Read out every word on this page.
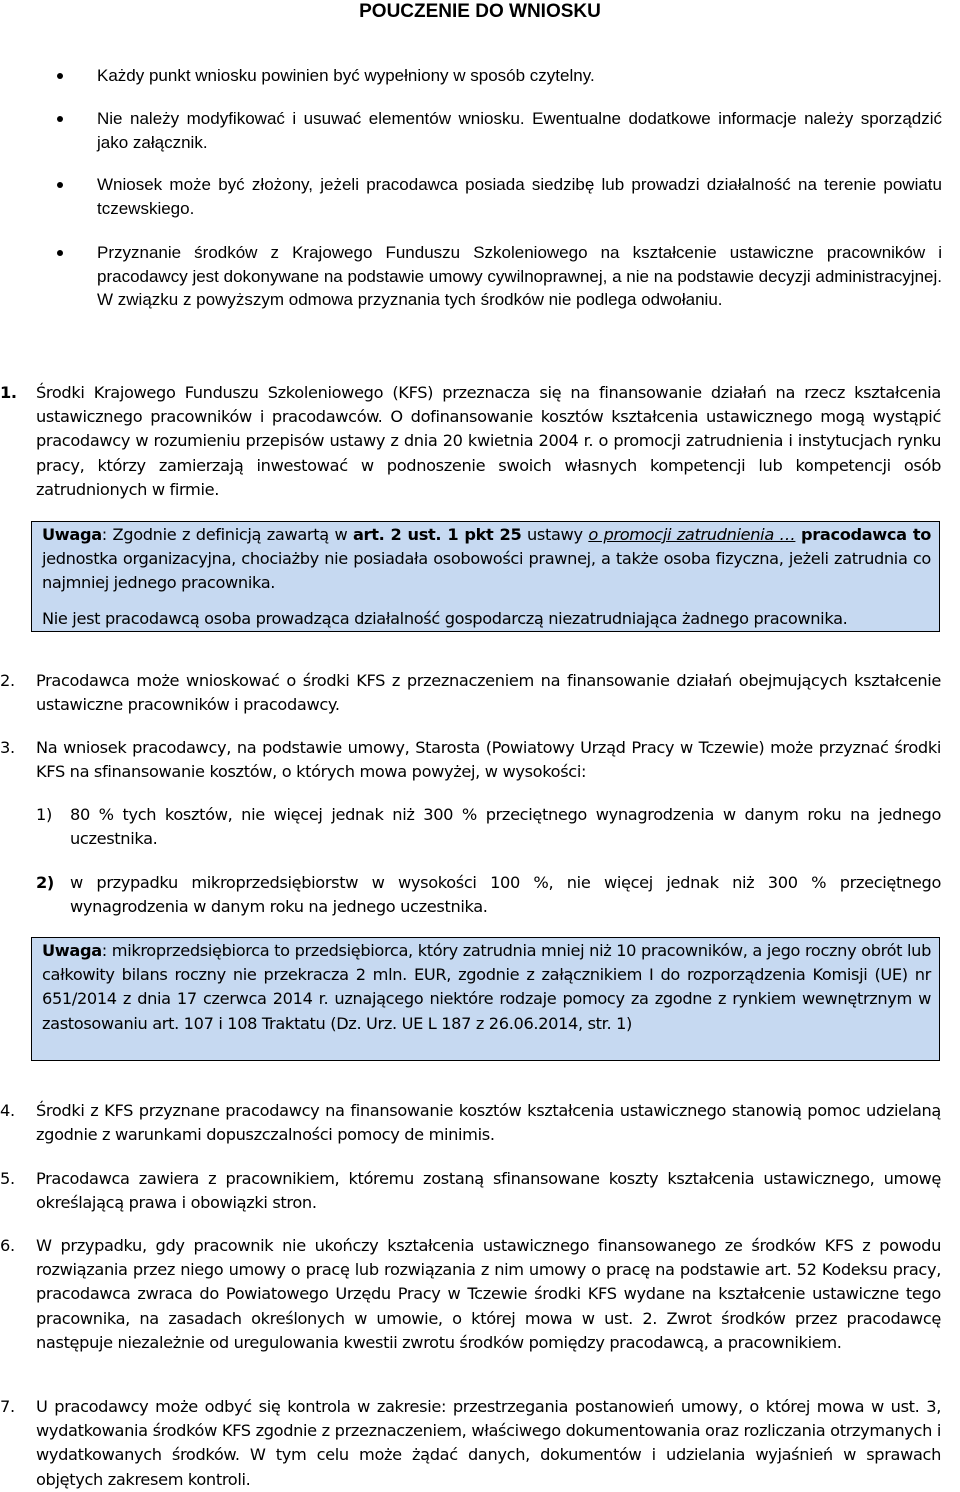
POUCZENIE DO WNIOSKU
Każdy punkt wniosku powinien być wypełniony w sposób czytelny.
Nie należy modyfikować i usuwać elementów wniosku. Ewentualne dodatkowe informacje należy sporządzić jako załącznik.
Wniosek może być złożony, jeżeli pracodawca posiada siedzibę lub prowadzi działalność na terenie powiatu tczewskiego.
Przyznanie środków z Krajowego Funduszu Szkoleniowego na kształcenie ustawiczne pracowników i pracodawcy jest dokonywane na podstawie umowy cywilnoprawnej, a nie na podstawie decyzji administracyjnej. W związku z powyższym odmowa przyznania tych środków nie podlega odwołaniu.
1.	Środki Krajowego Funduszu Szkoleniowego (KFS) przeznacza się na finansowanie działań na rzecz kształcenia ustawicznego pracowników i pracodawców. O dofinansowanie kosztów kształcenia ustawicznego mogą wystąpić pracodawcy w rozumieniu przepisów ustawy z dnia 20 kwietnia 2004 r. o promocji zatrudnienia i instytucjach rynku pracy, którzy zamierzają inwestować w podnoszenie swoich własnych kompetencji lub kompetencji osób zatrudnionych w firmie.

Uwaga: Zgodnie z definicją zawartą w art. 2 ust. 1 pkt 25 ustawy o promocji zatrudnienia … pracodawca to jednostka organizacyjna, chociażby nie posiadała osobowości prawnej, a także osoba fizyczna, jeżeli zatrudnia co najmniej jednego pracownika.

Nie jest pracodawcą osoba prowadząca działalność gospodarczą niezatrudniająca żadnego pracownika.

2.	Pracodawca może wnioskować o środki KFS z przeznaczeniem na finansowanie działań obejmujących kształcenie ustawiczne pracowników i pracodawcy.
3.	Na wniosek pracodawcy, na podstawie umowy, Starosta (Powiatowy Urząd Pracy w Tczewie) może przyznać środki KFS na sfinansowanie kosztów, o których mowa powyżej, w wysokości:
1)	80 % tych kosztów, nie więcej jednak niż 300 % przeciętnego wynagrodzenia w danym roku na jednego uczestnika.
2) w przypadku mikroprzedsiębiorstw w wysokości 100 %, nie więcej jednak niż 300 % przeciętnego wynagrodzenia w danym roku na jednego uczestnika.

Uwaga: mikroprzedsiębiorca to przedsiębiorca, który zatrudnia mniej niż 10 pracowników, a jego roczny obrót lub całkowity bilans roczny nie przekracza 2 mln. EUR, zgodnie z załącznikiem I do rozporządzenia Komisji (UE) nr 651/2014 z dnia 17 czerwca 2014 r. uznającego niektóre rodzaje pomocy za zgodne z rynkiem wewnętrznym w zastosowaniu art. 107 i 108 Traktatu (Dz. Urz. UE L 187 z 26.06.2014, str. 1)

4.	Środki z KFS przyznane pracodawcy na finansowanie kosztów kształcenia ustawicznego stanowią pomoc udzielaną zgodnie z warunkami dopuszczalności pomocy de minimis.
5.	Pracodawca zawiera z pracownikiem, któremu zostaną sfinansowane koszty kształcenia ustawicznego, umowę określającą prawa i obowiązki stron.
6.	W przypadku, gdy pracownik nie ukończy kształcenia ustawicznego finansowanego ze środków KFS z powodu rozwiązania przez niego umowy o pracę lub rozwiązania z nim umowy o pracę na podstawie art. 52 Kodeksu pracy, pracodawca zwraca do Powiatowego Urzędu Pracy w Tczewie środki KFS wydane na kształcenie ustawiczne tego pracownika, na zasadach określonych w umowie, o której mowa w ust. 2. Zwrot środków przez pracodawcę następuje niezależnie od uregulowania kwestii zwrotu środków pomiędzy pracodawcą, a pracownikiem.
7.	U pracodawcy może odbyć się kontrola w zakresie: przestrzegania postanowień umowy, o której mowa w ust. 3, wydatkowania środków KFS zgodnie z przeznaczeniem, właściwego dokumentowania oraz rozliczania otrzymanych i wydatkowanych środków. W tym celu może żądać danych, dokumentów i udzielania wyjaśnień w sprawach objętych zakresem kontroli.
